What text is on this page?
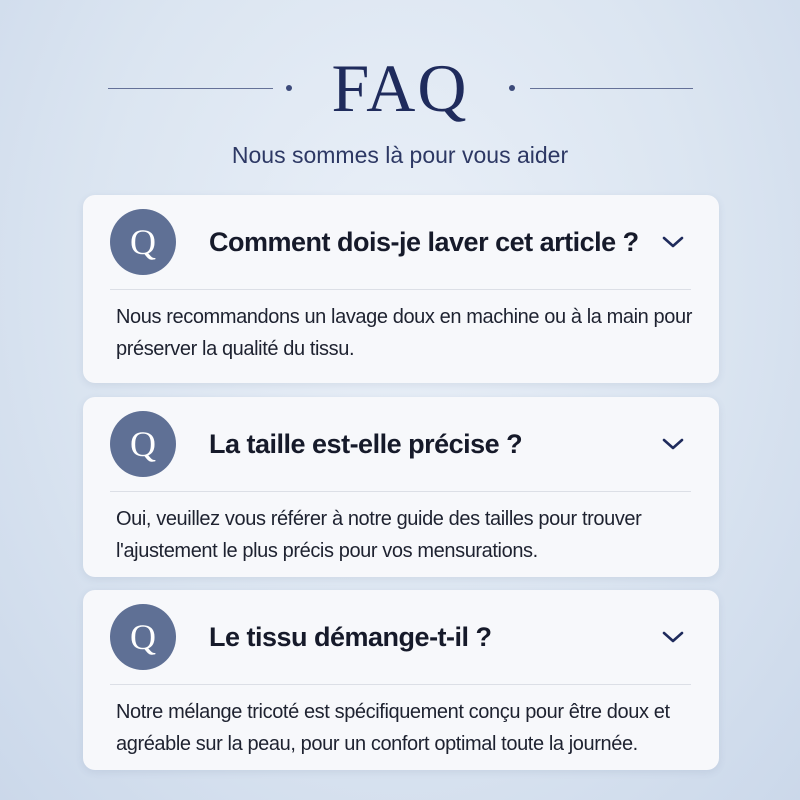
FAQ
Nous sommes là pour vous aider
Q	Comment dois-je laver cet article ?
Nous recommandons un lavage doux en machine ou à la main pour préserver la qualité du tissu.
Q	La taille est-elle précise ?
Oui, veuillez vous référer à notre guide des tailles pour trouver l'ajustement le plus précis pour vos mensurations.
Q	Le tissu démange-t-il ?
Notre mélange tricoté est spécifiquement conçu pour être doux et agréable sur la peau, pour un confort optimal toute la journée.
